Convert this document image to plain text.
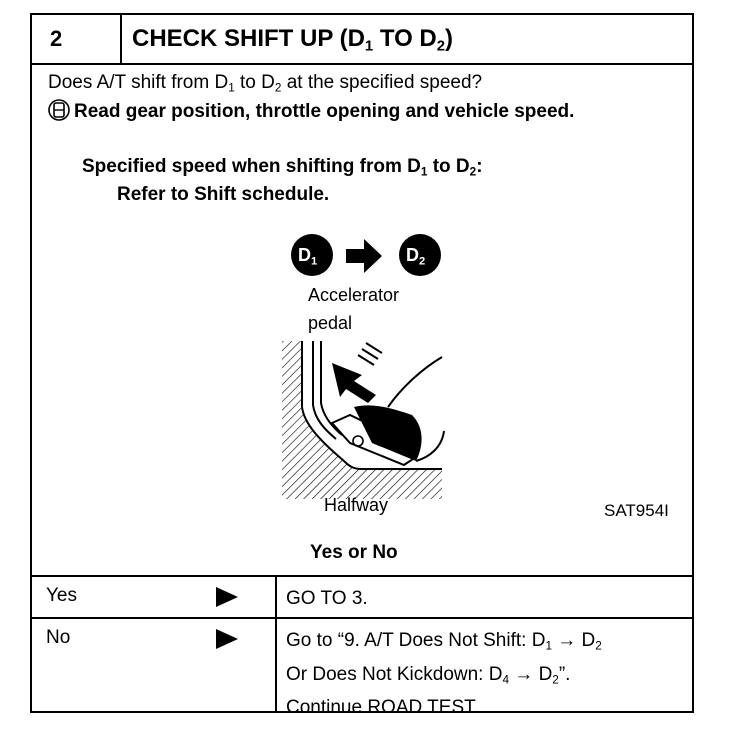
2	CHECK SHIFT UP ($D_1$ TO $D_2$)
Does A/T shift from $D_1$ to $D_2$ at the specified speed?
Read gear position, throttle opening and vehicle speed.
Specified speed when shifting from $D_1$ to $D_2$:
Refer to Shift schedule.
$D_1$	$D_2$
Accelerator
pedal
Halfway	SAT954I
Yes or No
Yes	GO TO 3.
No	Go to “9. A/T Does Not Shift: $D_1 \to D_2$
Or Does Not Kickdown: $D_4 \to D_2$”.
Continue ROAD TEST.
